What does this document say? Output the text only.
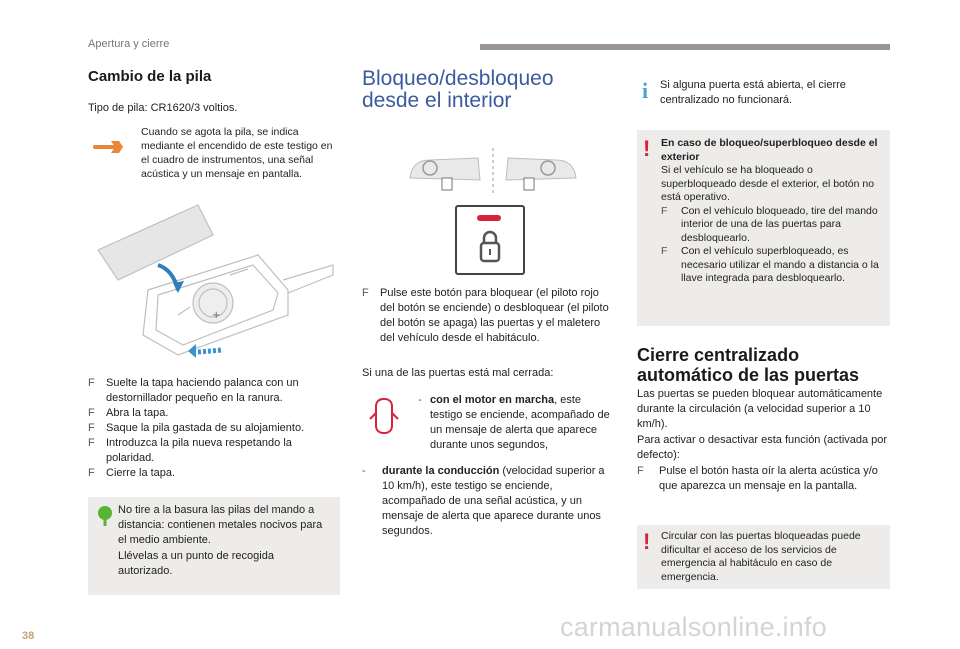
Apertura y cierre
Cambio de la pila

Tipo de pila: CR1620/3 voltios.

Cuando se agota la pila, se indica mediante el encendido de este testigo en el cuadro de instrumentos, una señal acústica y un mensaje en pantalla.

+
F Suelte la tapa haciendo palanca con un destornillador pequeño en la ranura.
F Abra la tapa.
F Saque la pila gastada de su alojamiento.
F Introduzca la pila nueva respetando la polaridad.
F Cierre la tapa.

No tire a la basura las pilas del mando a distancia: contienen metales nocivos para el medio ambiente.

Llévelas a un punto de recogida autorizado.

Bloqueo/desbloqueo
desde el interior
F Pulse este botón para bloquear (el piloto rojo del botón se enciende) o desbloquear (el piloto del botón se apaga) las puertas y el maletero del vehículo desde el habitáculo.

Si una de las puertas está mal cerrada:

- con el motor en marcha, este testigo se enciende, acompañado de un mensaje de alerta que aparece durante unos segundos,
- durante la conducción (velocidad superior a 10 km/h), este testigo se enciende, acompañado de una señal acústica, y un mensaje de alerta que aparece durante unos segundos.
i Si alguna puerta está abierta, el cierre centralizado no funcionará.

! En caso de bloqueo/superbloqueo desde el exterior

Si el vehículo se ha bloqueado o superbloqueado desde el exterior, el botón no está operativo.

F Con el vehículo bloqueado, tire del mando interior de una de las puertas para desbloquearlo.
F Con el vehículo superbloqueado, es necesario utilizar el mando a distancia o la llave integrada para desbloquearlo.
Cierre centralizado
automático de las puertas

Las puertas se pueden bloquear automáticamente durante la circulación (a velocidad superior a 10 km/h).

Para activar o desactivar esta función (activada por defecto):

F Pulse el botón hasta oír la alerta acústica y/o que aparezca un mensaje en la pantalla.
! Circular con las puertas bloqueadas puede dificultar el acceso de los servicios de emergencia al habitáculo en caso de emergencia.

38	carmanualsonline.info
